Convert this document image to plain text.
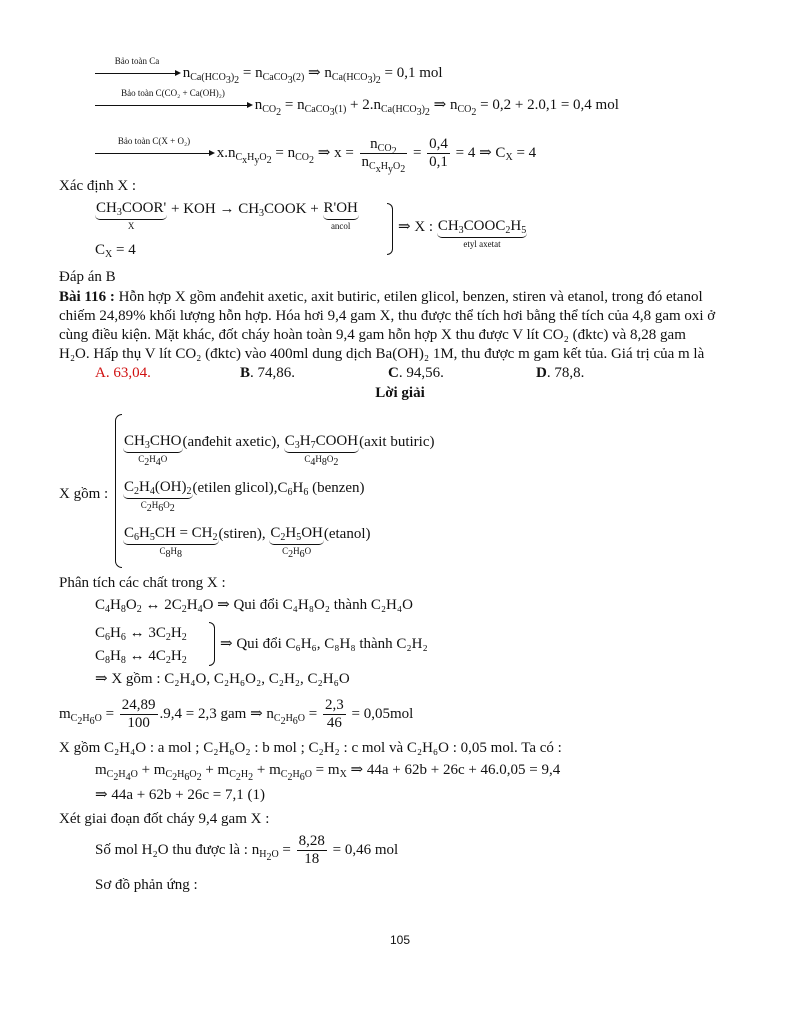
Bảo toàn Ca
$n_{Ca(HCO_3)_2} = n_{CaCO_3(2)}$ ⇒ $n_{Ca(HCO_3)_2} = 0,1$ mol
Bảo toàn C(CO₂ + Ca(OH)₂)
$n_{CO_2} = n_{CaCO_3(1)} + 2.n_{Ca(HCO_3)_2}$ ⇒ $n_{CO_2} = 0,2 + 2.0,1 = 0,4$ mol
Bảo toàn C(X + O₂)
$x.n_{C_xH_yO_2} = n_{CO_2}$ ⇒ $x = \frac{n_{CO_2}}{n_{C_xH_yO_2}} = \frac{0,4}{0,1} = 4$ ⇒ $C_X = 4$
Xác định X :
$CH_3COOR'$
X
+ KOH → $CH_3COOK + R'OH$
ancol	⇒ X : $CH_3COOC_2H_5$
etyl axetat
$C_X = 4$
Đáp án B
Bài 116 : Hỗn hợp X gồm anđehit axetic, axit butiric, etilen glicol, benzen, stiren và etanol, trong đó etanol
chiếm 24,89% khối lượng hỗn hợp. Hóa hơi 9,4 gam X, thu được thể tích hơi bằng thể tích của 4,8 gam oxi ở
cùng điều kiện. Mặt khác, đốt cháy hoàn toàn 9,4 gam hỗn hợp X thu được V lít CO₂ (đktc) và 8,28 gam
H₂O. Hấp thụ V lít CO₂ (đktc) vào 400ml dung dịch Ba(OH)₂ 1M, thu được m gam kết tủa. Giá trị của m là
A. 63,04.	B. 74,86.	C. 94,56.	D. 78,8.
Lời giải
X gồm :
$CH_3CHO$
$C_2H_4O$
(anđehit axetic), $C_3H_7COOH$
$C_4H_8O_2$
(axit butiric)
$C_2H_4(OH)_2$
$C_2H_6O_2$
(etilen $glicol),C_6H_6$ (benzen)
$C_6H_5CH = CH_2$
$C_8H_8$
(stiren), $C_2H_5OH$
$C_2H_6O$
(etanol)
Phân tích các chất trong X :
$C_4H_8O_2$ ↔ $2C_2H_4O$ ⇒ Qui đổi C₄H₈O₂ thành C₂H₄O
$C_6H_6$ ↔ $3C_2H_2$
$C_8H_8$ ↔ $4C_2H_2$
⇒ Qui đổi C₆H₆, C₈H₈ thành C₂H₂
⇒ X gồm : C₂H₄O, C₂H₆O₂, C₂H₂, C₂H₆O
$m_{C_2H_6O} = \frac{24,89}{100} .9,4 = 2,3$ gam ⇒ $n_{C_2H_6O} = \frac{2,3}{46} = 0,05mol$
X gồm C₂H₄O : a mol ; C₂H₆O₂ : b mol ; C₂H₂ : c mol và C₂H₆O : 0,05 mol. Ta có :
$m_{C_2H_4O} + m_{C_2H_6O_2} + m_{C_2H_2} + m_{C_2H_6O} = m_X$ ⇒ 44a + 62b + 26c + 46.0,05 = 9,4
⇒ 44a + 62b + 26c = 7,1 (1)
Xét giai đoạn đốt cháy 9,4 gam X :
Số mol H₂O thu được là : $n_{H_2O} = \frac{8,28}{18} = 0,46$ mol
Sơ đồ phản ứng :
105
